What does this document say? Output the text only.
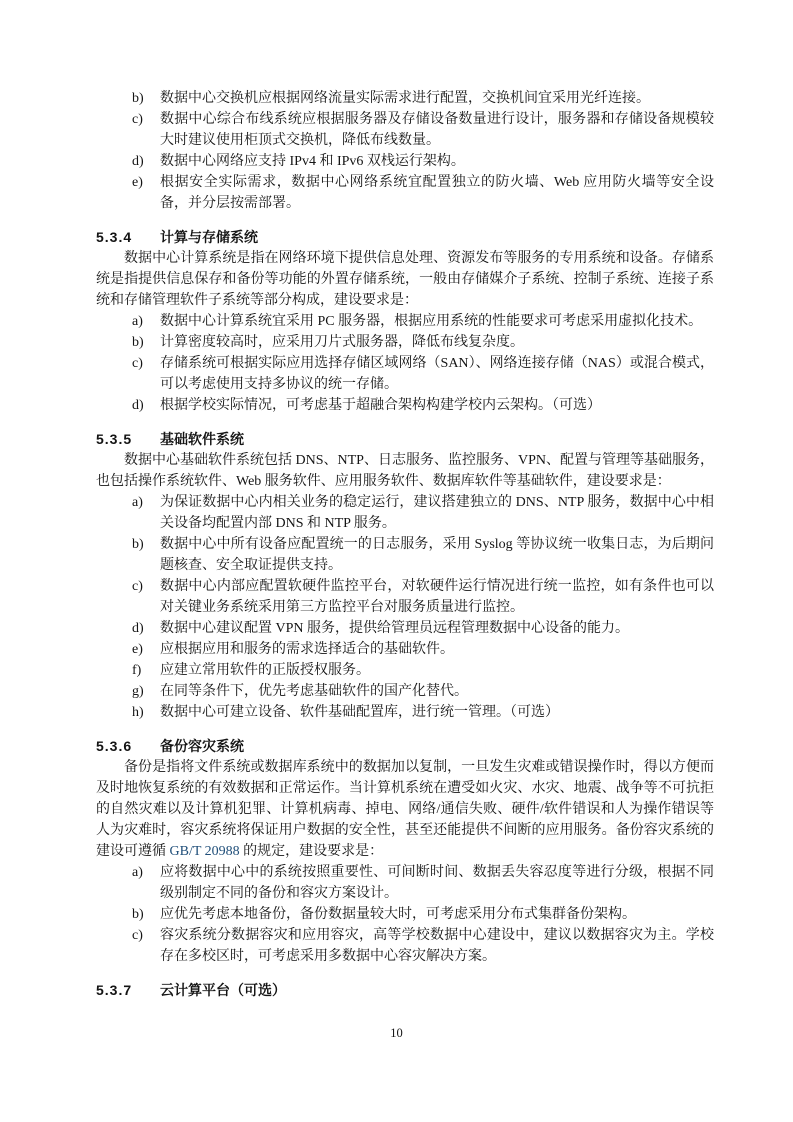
b)	数据中心交换机应根据网络流量实际需求进行配置，交换机间宜采用光纤连接。
c)	数据中心综合布线系统应根据服务器及存储设备数量进行设计，服务器和存储设备规模较大时建议使用柜顶式交换机，降低布线数量。
d)	数据中心网络应支持 IPv4 和 IPv6 双栈运行架构。
e)	根据安全实际需求，数据中心网络系统宜配置独立的防火墙、Web 应用防火墙等安全设备，并分层按需部署。
5.3.4	计算与存储系统
数据中心计算系统是指在网络环境下提供信息处理、资源发布等服务的专用系统和设备。存储系统是指提供信息保存和备份等功能的外置存储系统，一般由存储媒介子系统、控制子系统、连接子系统和存储管理软件子系统等部分构成，建设要求是：
a)	数据中心计算系统宜采用 PC 服务器，根据应用系统的性能要求可考虑采用虚拟化技术。
b)	计算密度较高时，应采用刀片式服务器，降低布线复杂度。
c)	存储系统可根据实际应用选择存储区域网络（SAN）、网络连接存储（NAS）或混合模式，可以考虑使用支持多协议的统一存储。
d)	根据学校实际情况，可考虑基于超融合架构构建学校内云架构。（可选）
5.3.5	基础软件系统
数据中心基础软件系统包括 DNS、NTP、日志服务、监控服务、VPN、配置与管理等基础服务，也包括操作系统软件、Web 服务软件、应用服务软件、数据库软件等基础软件，建设要求是：
a)	为保证数据中心内相关业务的稳定运行，建议搭建独立的 DNS、NTP 服务，数据中心中相关设备均配置内部 DNS 和 NTP 服务。
b)	数据中心中所有设备应配置统一的日志服务，采用 Syslog 等协议统一收集日志，为后期问题核查、安全取证提供支持。
c)	数据中心内部应配置软硬件监控平台，对软硬件运行情况进行统一监控，如有条件也可以对关键业务系统采用第三方监控平台对服务质量进行监控。
d)	数据中心建议配置 VPN 服务，提供给管理员远程管理数据中心设备的能力。
e)	应根据应用和服务的需求选择适合的基础软件。
f)	应建立常用软件的正版授权服务。
g)	在同等条件下，优先考虑基础软件的国产化替代。
h)	数据中心可建立设备、软件基础配置库，进行统一管理。（可选）
5.3.6	备份容灾系统
备份是指将文件系统或数据库系统中的数据加以复制，一旦发生灾难或错误操作时，得以方便而及时地恢复系统的有效数据和正常运作。当计算机系统在遭受如火灾、水灾、地震、战争等不可抗拒的自然灾难以及计算机犯罪、计算机病毒、掉电、网络/通信失败、硬件/软件错误和人为操作错误等人为灾难时，容灾系统将保证用户数据的安全性，甚至还能提供不间断的应用服务。备份容灾系统的建设可遵循 GB/T 20988 的规定，建设要求是：
a)	应将数据中心中的系统按照重要性、可间断时间、数据丢失容忍度等进行分级，根据不同级别制定不同的备份和容灾方案设计。
b)	应优先考虑本地备份，备份数据量较大时，可考虑采用分布式集群备份架构。
c)	容灾系统分数据容灾和应用容灾，高等学校数据中心建设中，建议以数据容灾为主。学校存在多校区时，可考虑采用多数据中心容灾解决方案。
5.3.7	云计算平台（可选）
10
